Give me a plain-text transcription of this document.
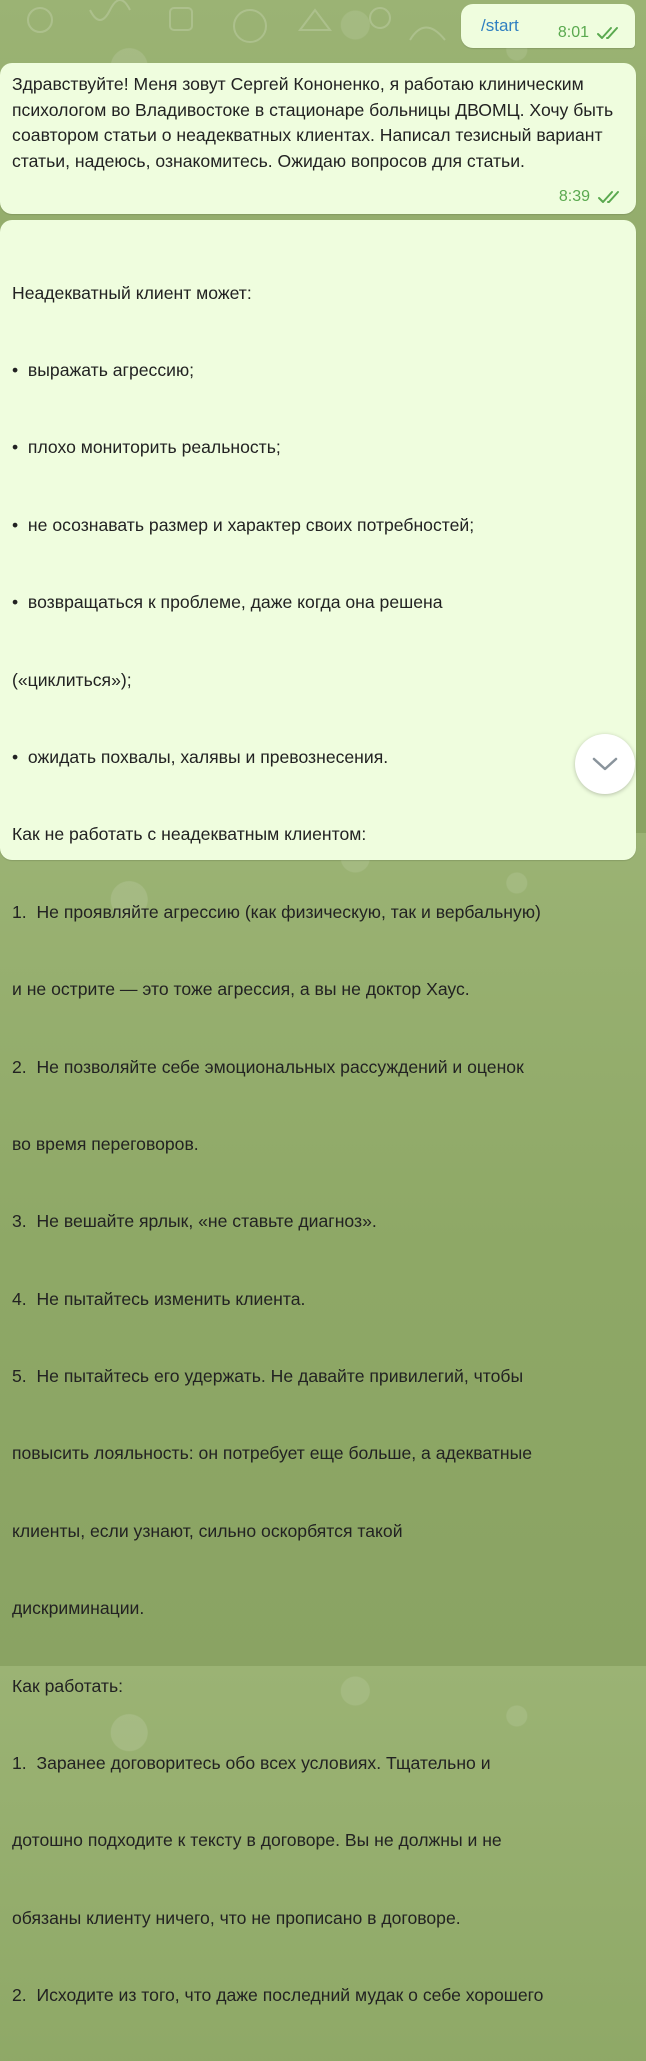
/start 8:01
Здравствуйте! Меня зовут Сергей Кононенко, я работаю клиническим психологом во Владивостоке в стационаре больницы ДВОМЦ. Хочу быть соавтором статьи о неадекватных клиентах. Написал тезисный вариант статьи, надеюсь, ознакомитесь. Ожидаю вопросов для статьи.
8:39

Неадекватный клиент может:

•  выражать агрессию;

•  плохо мониторить реальность;

•  не осознавать размер и характер своих потребностей;

•  возвращаться к проблеме, даже когда она решена

(«циклиться»);

•  ожидать похвалы, халявы и превознесения.

Как не работать с неадекватным клиентом:

1.  Не проявляйте агрессию (как физическую, так и вербальную)

и не острите — это тоже агрессия, а вы не доктор Хаус.

2.  Не позволяйте себе эмоциональных рассуждений и оценок

во время переговоров.

3.  Не вешайте ярлык, «не ставьте диагноз».

4.  Не пытайтесь изменить клиента.

5.  Не пытайтесь его удержать. Не давайте привилегий, чтобы

повысить лояльность: он потребует еще больше, а адекватные

клиенты, если узнают, сильно оскорбятся такой

дискриминации.

Как работать:

1.  Заранее договоритесь обо всех условиях. Тщательно и

дотошно подходите к тексту в договоре. Вы не должны и не

обязаны клиенту ничего, что не прописано в договоре.

2.  Исходите из того, что даже последний мудак о себе хорошего
